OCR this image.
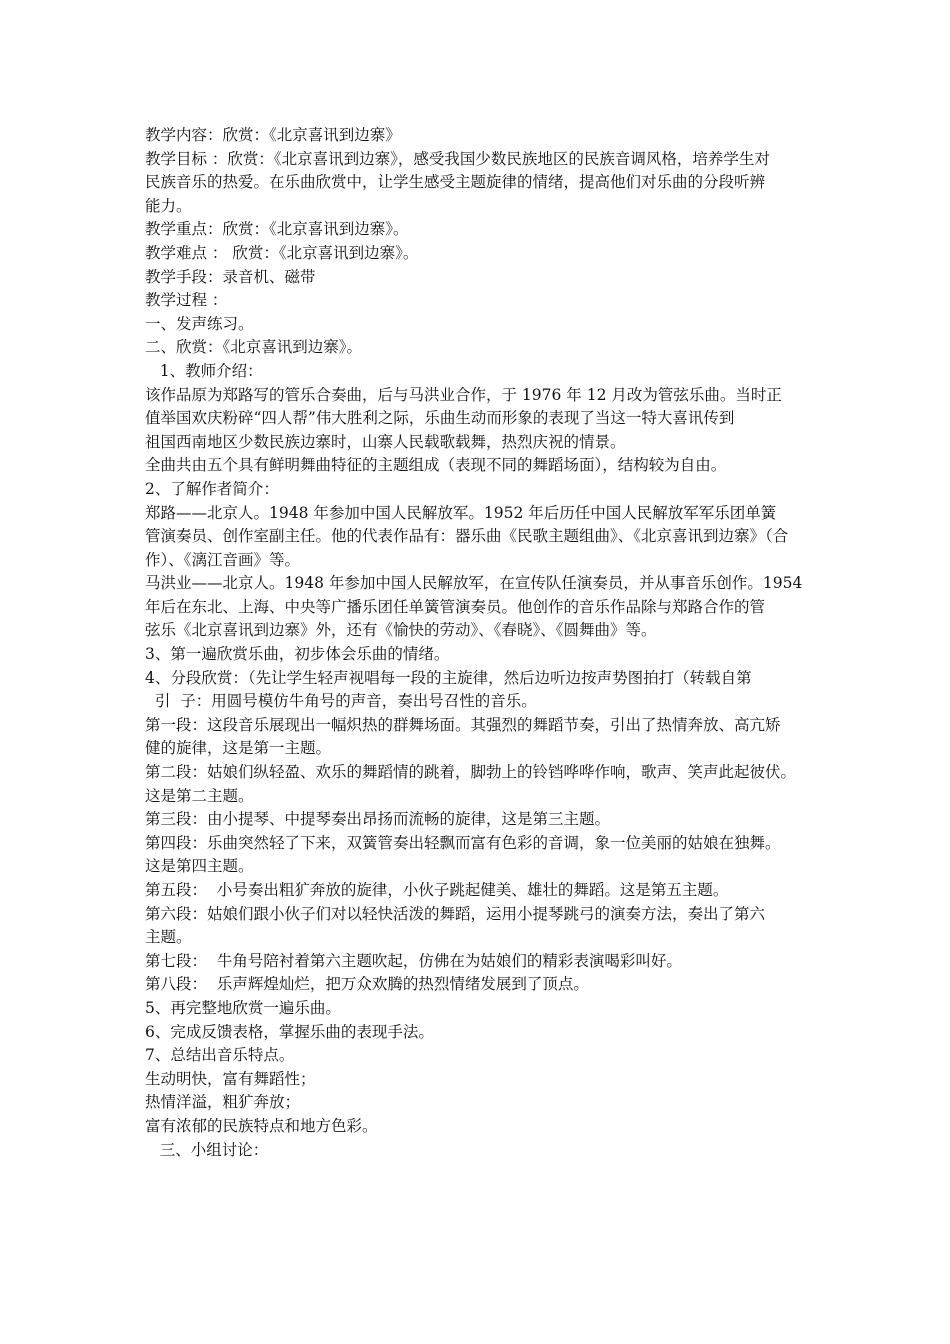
教学内容：欣赏：《北京喜讯到边寨》
教学目标 ：欣赏：《北京喜讯到边寨》，感受我国少数民族地区的民族音调风格，培养学生对
民族音乐的热爱。在乐曲欣赏中，让学生感受主题旋律的情绪，提高他们对乐曲的分段听辨
能力。
教学重点：欣赏：《北京喜讯到边寨》。
教学难点 ： 欣赏：《北京喜讯到边寨》。
教学手段：录音机、磁带
教学过程 ：
一、发声练习。
二、欣赏：《北京喜讯到边寨》。
1、教师介绍：
该作品原为郑路写的管乐合奏曲，后与马洪业合作，于 1976 年 12 月改为管弦乐曲。当时正
值举国欢庆粉碎“四人帮”伟大胜利之际，乐曲生动而形象的表现了当这一特大喜讯传到
祖国西南地区少数民族边寨时，山寨人民载歌载舞，热烈庆祝的情景。
全曲共由五个具有鲜明舞曲特征的主题组成（表现不同的舞蹈场面），结构较为自由。
2、了解作者简介：
郑路——北京人。1948 年参加中国人民解放军。1952 年后历任中国人民解放军军乐团单簧
管演奏员、创作室副主任。他的代表作品有：器乐曲《民歌主题组曲》、《北京喜讯到边寨》（合
作）、《漓江音画》等。
马洪业——北京人。1948 年参加中国人民解放军，在宣传队任演奏员，并从事音乐创作。1954
年后在东北、上海、中央等广播乐团任单簧管演奏员。他创作的音乐作品除与郑路合作的管
弦乐《北京喜讯到边寨》外，还有《愉快的劳动》、《春晓》、《圆舞曲》等。
3、第一遍欣赏乐曲，初步体会乐曲的情绪。
4、分段欣赏：（先让学生轻声视唱每一段的主旋律，然后边听边按声势图拍打（转载自第
引  子：用圆号模仿牛角号的声音，奏出号召性的音乐。
第一段：这段音乐展现出一幅炽热的群舞场面。其强烈的舞蹈节奏，引出了热情奔放、高亢矫
健的旋律，这是第一主题。
第二段：姑娘们纵轻盈、欢乐的舞蹈情的跳着，脚勃上的铃铛哗哗作响，歌声、笑声此起彼伏。
这是第二主题。
第三段：由小提琴、中提琴奏出昂扬而流畅的旋律，这是第三主题。
第四段：乐曲突然轻了下来，双簧管奏出轻飘而富有色彩的音调，象一位美丽的姑娘在独舞。
这是第四主题。
第五段：  小号奏出粗犷奔放的旋律，小伙子跳起健美、雄壮的舞蹈。这是第五主题。
第六段：姑娘们跟小伙子们对以轻快活泼的舞蹈，运用小提琴跳弓的演奏方法，奏出了第六
主题。
第七段：  牛角号陪衬着第六主题吹起，仿佛在为姑娘们的精彩表演喝彩叫好。
第八段：  乐声辉煌灿烂，把万众欢腾的热烈情绪发展到了顶点。
5、再完整地欣赏一遍乐曲。
6、完成反馈表格，掌握乐曲的表现手法。
7、总结出音乐特点。
生动明快，富有舞蹈性；
热情洋溢，粗犷奔放；
富有浓郁的民族特点和地方色彩。
三、小组讨论：
